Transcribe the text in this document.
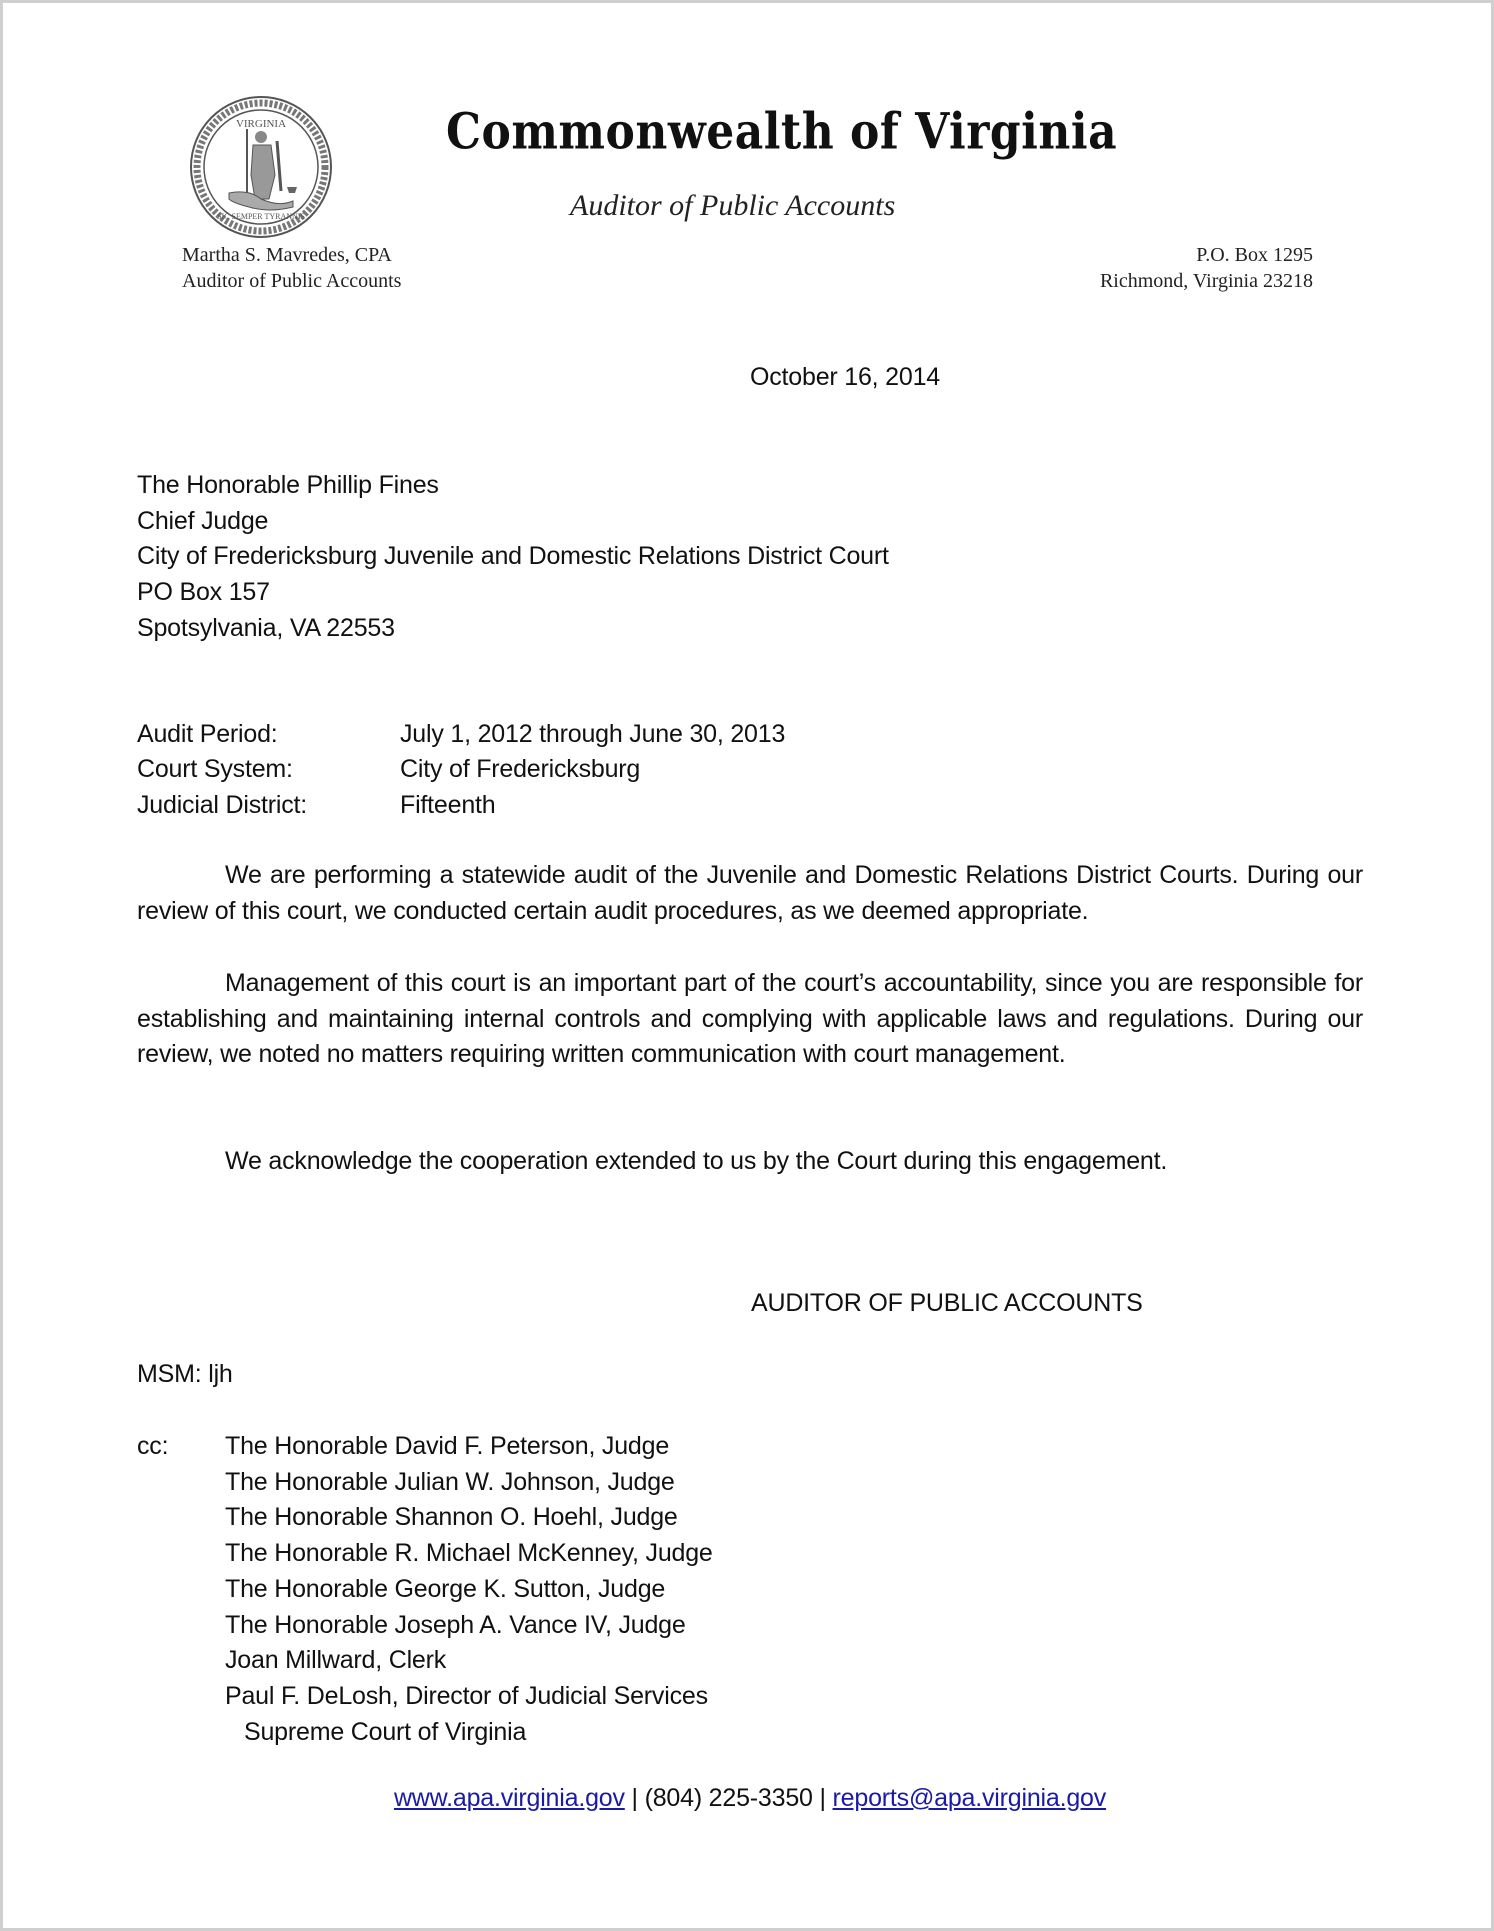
VIRGINIA
SIC SEMPER TYRANNIS
Commonwealth of Virginia
Auditor of Public Accounts
Martha S. Mavredes, CPA
Auditor of Public Accounts
P.O. Box 1295
Richmond, Virginia 23218
October 16, 2014
The Honorable Phillip Fines
Chief Judge
City of Fredericksburg Juvenile and Domestic Relations District Court
PO Box 157
Spotsylvania, VA 22553
Audit Period:	July 1, 2012 through June 30, 2013
Court System:	City of Fredericksburg
Judicial District:	Fifteenth
We are performing a statewide audit of the Juvenile and Domestic Relations District Courts. During our review of this court, we conducted certain audit procedures, as we deemed appropriate.
Management of this court is an important part of the court’s accountability, since you are responsible for establishing and maintaining internal controls and complying with applicable laws and regulations. During our review, we noted no matters requiring written communication with court management.
We acknowledge the cooperation extended to us by the Court during this engagement.
AUDITOR OF PUBLIC ACCOUNTS
MSM: ljh
cc: The Honorable David F. Peterson, Judge
The Honorable Julian W. Johnson, Judge
The Honorable Shannon O. Hoehl, Judge
The Honorable R. Michael McKenney, Judge
The Honorable George K. Sutton, Judge
The Honorable Joseph A. Vance IV, Judge
Joan Millward, Clerk
Paul F. DeLosh, Director of Judicial Services
Supreme Court of Virginia
www.apa.virginia.gov | (804) 225-3350 | reports@apa.virginia.gov
